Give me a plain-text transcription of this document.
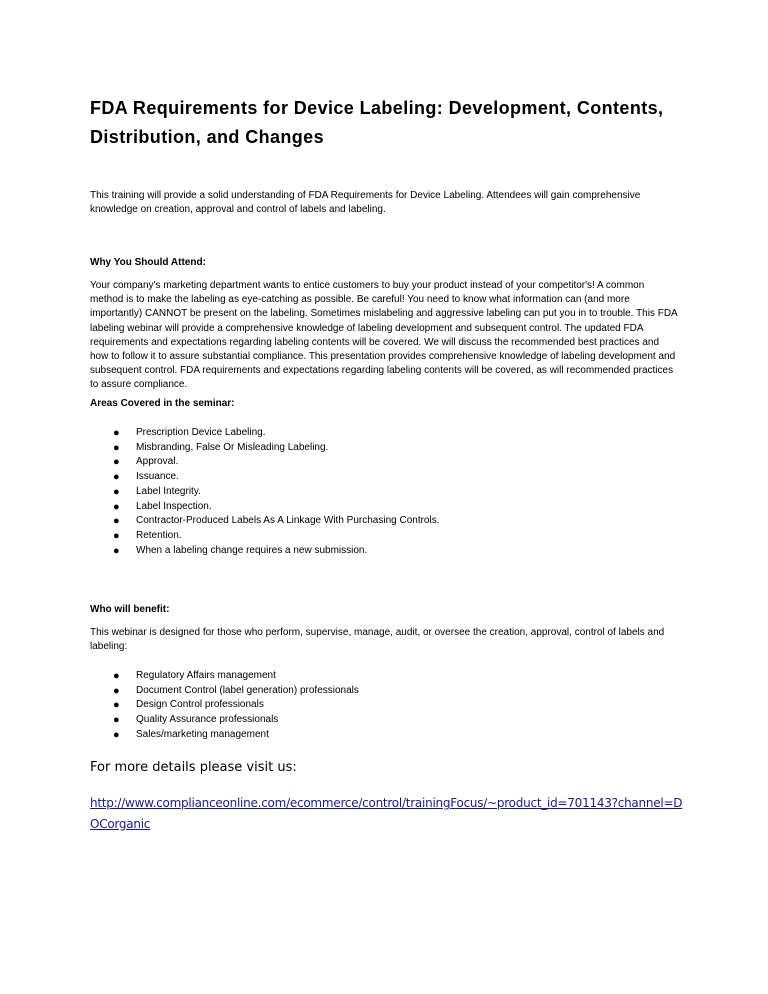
FDA Requirements for Device Labeling: Development, Contents, Distribution, and Changes
This training will provide a solid understanding of FDA Requirements for Device Labeling. Attendees will gain comprehensive knowledge on creation, approval and control of labels and labeling.
Why You Should Attend:
Your company's marketing department wants to entice customers to buy your product instead of your competitor's! A common method is to make the labeling as eye-catching as possible. Be careful! You need to know what information can (and more importantly) CANNOT be present on the labeling. Sometimes mislabeling and aggressive labeling can put you in to trouble. This FDA labeling webinar will provide a comprehensive knowledge of labeling development and subsequent control. The updated FDA requirements and expectations regarding labeling contents will be covered. We will discuss the recommended best practices and how to follow it to assure substantial compliance. This presentation provides comprehensive knowledge of labeling development and subsequent control. FDA requirements and expectations regarding labeling contents will be covered, as will recommended practices to assure compliance.
Areas Covered in the seminar:
● Prescription Device Labeling.
● Misbranding, False Or Misleading Labeling.
● Approval.
● Issuance.
● Label Integrity.
● Label Inspection.
● Contractor-Produced Labels As A Linkage With Purchasing Controls.
● Retention.
● When a labeling change requires a new submission.
Who will benefit:
This webinar is designed for those who perform, supervise, manage, audit, or oversee the creation, approval, control of labels and labeling:
● Regulatory Affairs management
● Document Control (label generation) professionals
● Design Control professionals
● Quality Assurance professionals
● Sales/marketing management
For more details please visit us:
http://www.complianceonline.com/ecommerce/control/trainingFocus/~product_id=701143?channel=DOCorganic
